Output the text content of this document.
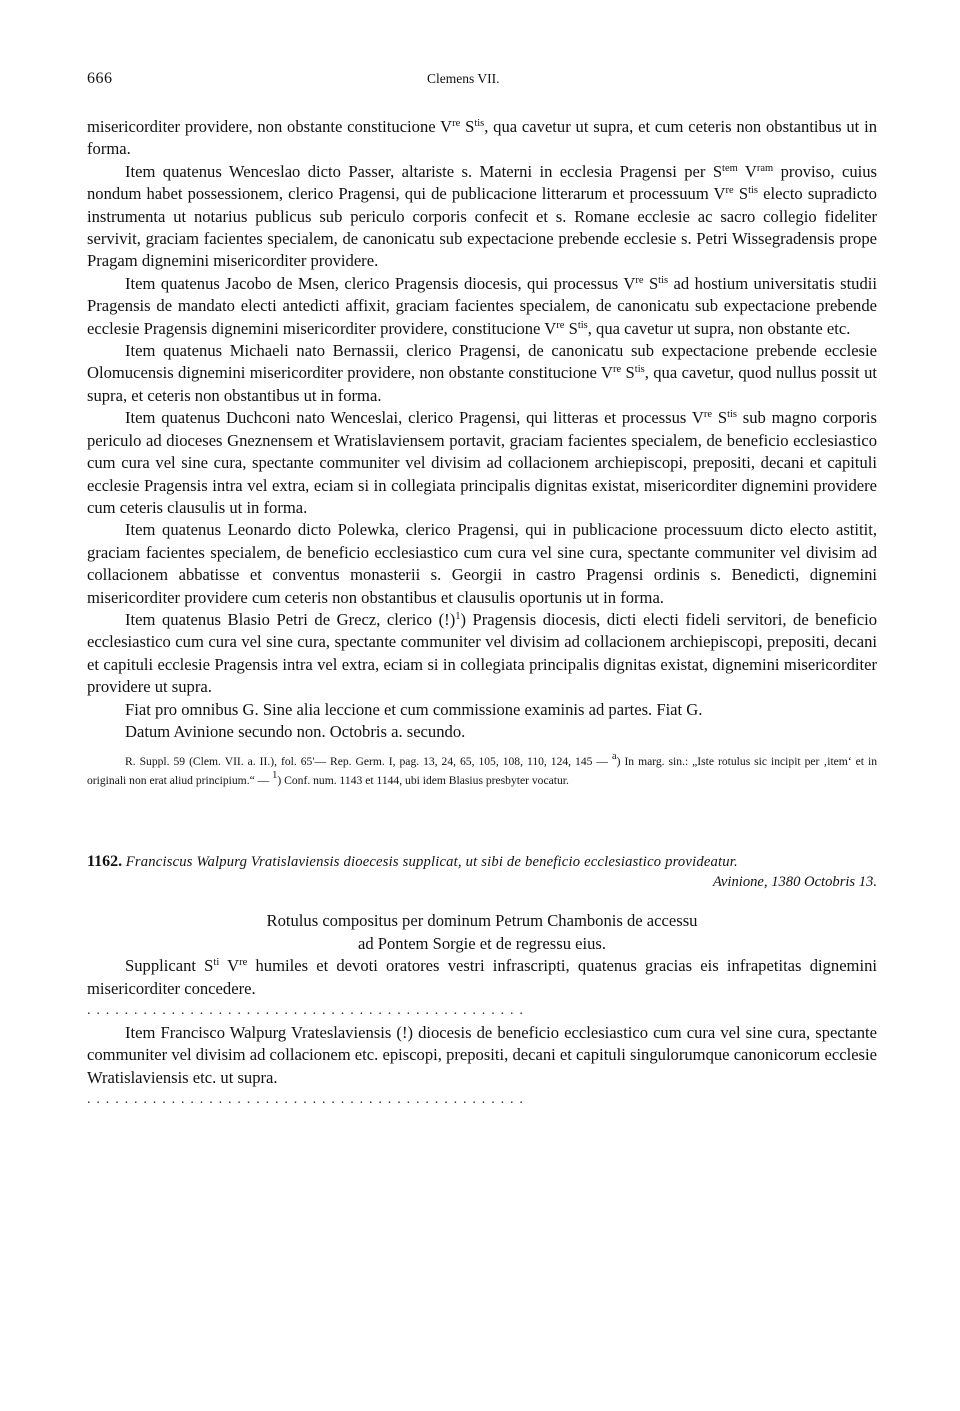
666	Clemens VII.

misericorditer providere, non obstante constitucione Vre $S^{tis}$, qua cavetur ut supra, et cum ceteris non obstantibus ut in forma.

Item quatenus Wenceslao dicto Passer, altariste s. Materni in ecclesia Pragensi per $S^{tem}$ $V^{ram}$ proviso, cuius nondum habet possessionem, clerico Pragensi, qui de publicacione litterarum et processuum Vre $S^{tis}$ electo supradicto instrumenta ut notarius publicus sub periculo corporis confecit et s. Romane ecclesie ac sacro collegio fideliter servivit, graciam facientes specialem, de canonicatu sub expectacione prebende ecclesie s. Petri Wissegradensis prope Pragam dignemini misericorditer providere.

Item quatenus Jacobo de Msen, clerico Pragensis diocesis, qui processus Vre $S^{tis}$ ad hostium universitatis studii Pragensis de mandato electi antedicti affixit, graciam facientes specialem, de canonicatu sub expectacione prebende ecclesie Pragensis dignemini misericorditer providere, constitucione Vre $S^{tis}$, qua cavetur ut supra, non obstante etc.

Item quatenus Michaeli nato Bernassii, clerico Pragensi, de canonicatu sub expectacione prebende ecclesie Olomucensis dignemini misericorditer providere, non obstante constitucione Vre $S^{tis}$, qua cavetur, quod nullus possit ut supra, et ceteris non obstantibus ut in forma.

Item quatenus Duchconi nato Wenceslai, clerico Pragensi, qui litteras et processus Vre $S^{tis}$ sub magno corporis periculo ad dioceses Gneznensem et Wratislaviensem portavit, graciam facientes specialem, de beneficio ecclesiastico cum cura vel sine cura, spectante communiter vel divisim ad collacionem archiepiscopi, prepositi, decani et capituli ecclesie Pragensis intra vel extra, eciam si in collegiata principalis dignitas existat, misericorditer dignemini providere cum ceteris clausulis ut in forma.

Item quatenus Leonardo dicto Polewka, clerico Pragensi, qui in publicacione processuum dicto electo astitit, graciam facientes specialem, de beneficio ecclesiastico cum cura vel sine cura, spectante communiter vel divisim ad collacionem abbatisse et conventus monasterii s. Georgii in castro Pragensi ordinis s. Benedicti, dignemini misericorditer providere cum ceteris non obstantibus et clausulis oportunis ut in forma.

Item quatenus Blasio Petri de Grecz, clerico (!)$^1$) Pragensis diocesis, dicti electi fideli servitori, de beneficio ecclesiastico cum cura vel sine cura, spectante communiter vel divisim ad collacionem archiepiscopi, prepositi, decani et capituli ecclesie Pragensis intra vel extra, eciam si in collegiata principalis dignitas existat, dignemini misericorditer providere ut supra.

Fiat pro omnibus G. Sine alia leccione et cum commissione examinis ad partes. Fiat G.

Datum Avinione secundo non. Octobris a. secundo.

R. Suppl. 59 (Clem. VII. a. II.), fol. 65'— Rep. Germ. I, pag. 13, 24, 65, 105, 108, 110, 124, 145 — $^a$) In marg. sin.: „Iste rotulus sic incipit per ‚item‘ et in originali non erat aliud principium.“ — $^1$) Conf. num. 1143 et 1144, ubi idem Blasius presbyter vocatur.

1162. Franciscus Walpurg Vratislaviensis dioecesis supplicat, ut sibi de beneficio ecclesiastico provideatur.
Avinione, 1380 Octobris 13.
Rotulus compositus per dominum Petrum Chambonis de accessu
ad Pontem Sorgie et de regressu eius.

Supplicant $S^{ti}$ Vre humiles et devoti oratores vestri infrascripti, quatenus gracias eis infrapetitas dignemini misericorditer concedere.

. . . . . . . . . . . . . . . . . . . . . . . . . . . . . . . . . . . . . . . . . . . . . . .

Item Francisco Walpurg Vrateslaviensis (!) diocesis de beneficio ecclesiastico cum cura vel sine cura, spectante communiter vel divisim ad collacionem etc. episcopi, prepositi, decani et capituli singulorumque canonicorum ecclesie Wratislaviensis etc. ut supra.

. . . . . . . . . . . . . . . . . . . . . . . . . . . . . . . . . . . . . . . . . . . . . . .
